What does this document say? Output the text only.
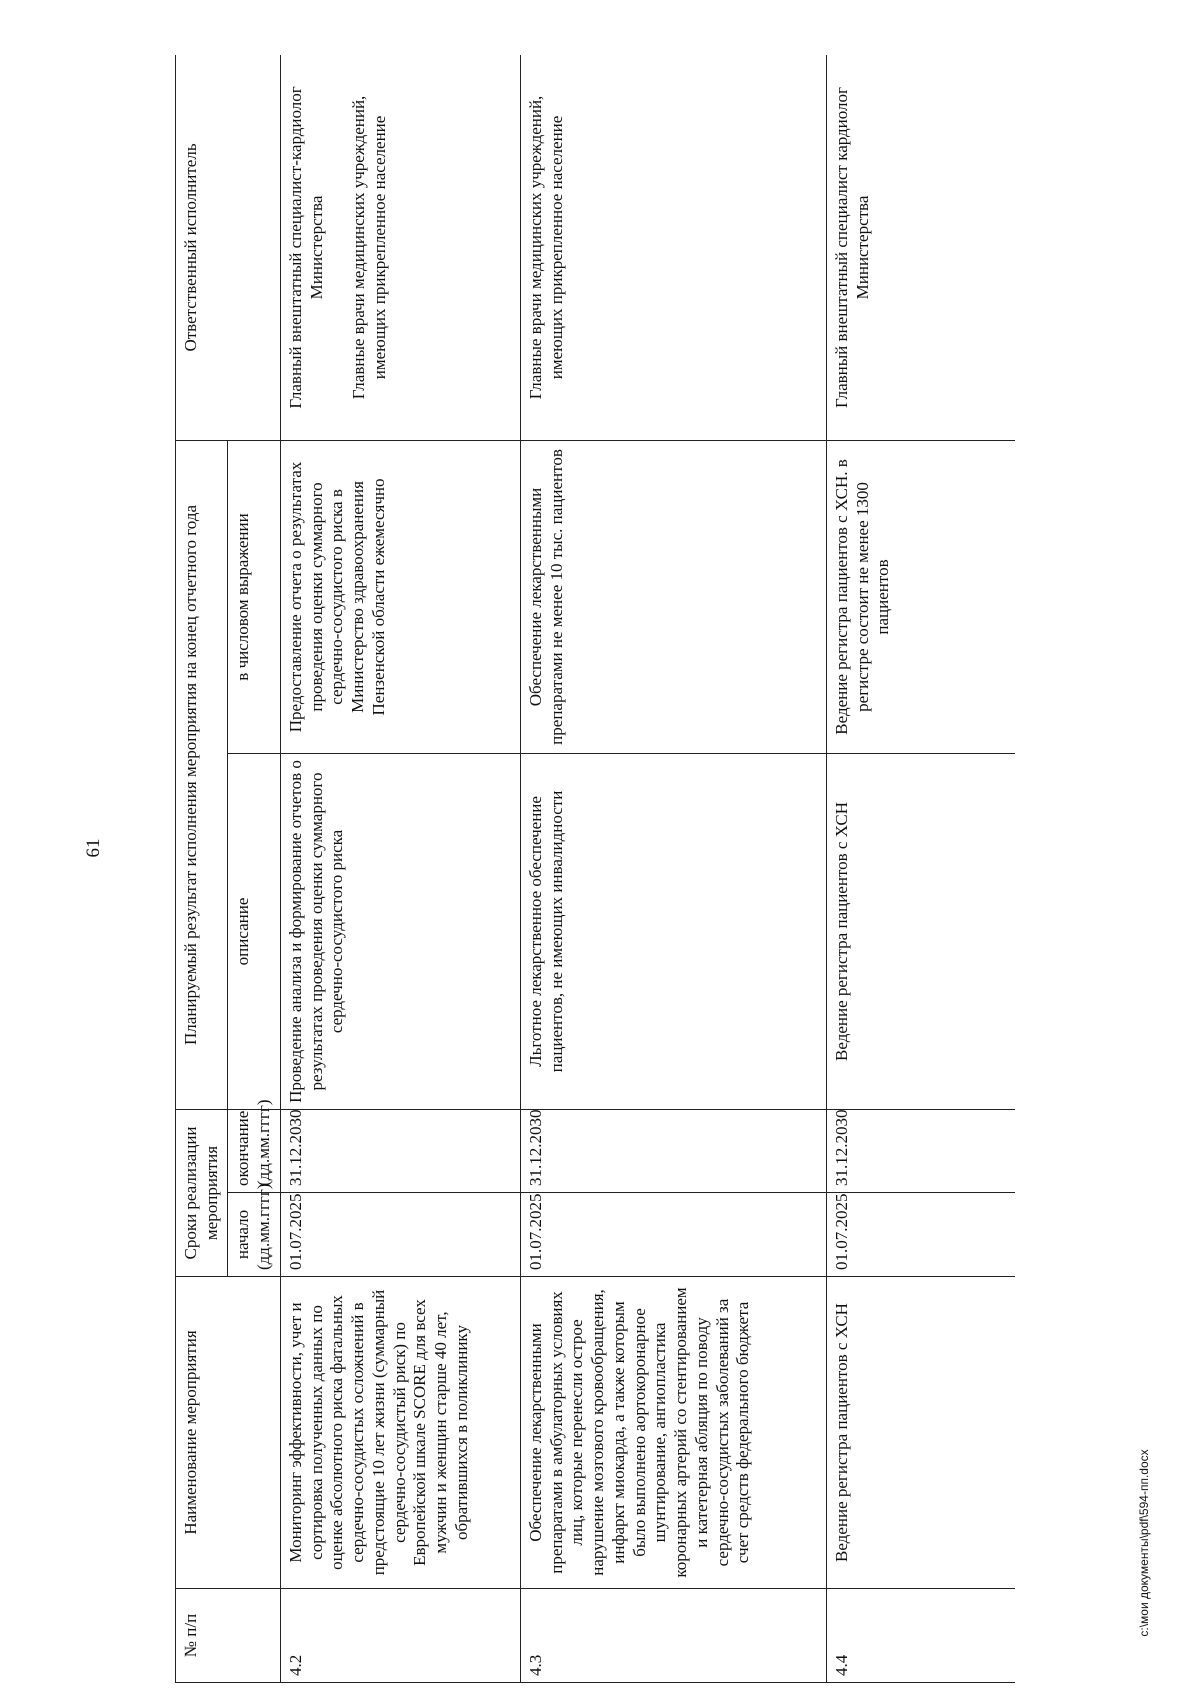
61
№ п/п	Наименование мероприятия	Сроки реализации мероприятия		Планируемый результат исполнения мероприятия на конец отчетного года		Ответственный исполнитель
		начало (дд.мм.гггг)	окончание (дд.мм.гггг)	описание	в числовом выражении	
4.2	Мониторинг эффективности, учет и сортировка полученных данных по оценке абсолютного риска фатальных сердечно-сосудистых осложнений в предстоящие 10 лет жизни (суммарный сердечно-сосудистый риск) по Европейской шкале SCORE для всех мужчин и женщин старше 40 лет, обратившихся в поликлинику	01.07.2025	31.12.2030	Проведение анализа и формирование отчетов о результатах проведения оценки суммарного сердечно-сосудистого риска	Предоставление отчета о результатах проведения оценки суммарного сердечно-сосудистого риска в Министерство здравоохранения Пензенской области ежемесячно	Главный внештатный специалист-кардиолог Министерства Главные врачи медицинских учреждений, имеющих прикрепленное население
4.3	Обеспечение лекарственными препаратами в амбулаторных условиях лиц, которые перенесли острое нарушение мозгового кровообращения, инфаркт миокарда, а также которым было выполнено аортокоронарное шунтирование, ангиопластика коронарных артерий со стентированием и катетерная абляция по поводу сердечно-сосудистых заболеваний за счет средств федерального бюджета	01.07.2025	31.12.2030	Льготное лекарственное обеспечение пациентов, не имеющих инвалидности	Обеспечение лекарственными препаратами не менее 10 тыс. пациентов	Главные врачи медицинских учреждений, имеющих прикрепленное население
4.4	Ведение регистра пациентов с ХСН	01.07.2025	31.12.2030	Ведение регистра пациентов с ХСН	Ведение регистра пациентов с ХСН. в регистре состоит не менее 1300 пациентов	Главный внештатный специалист кардиолог Министерства
c:\мои документы\pdf\594-пп.docx
